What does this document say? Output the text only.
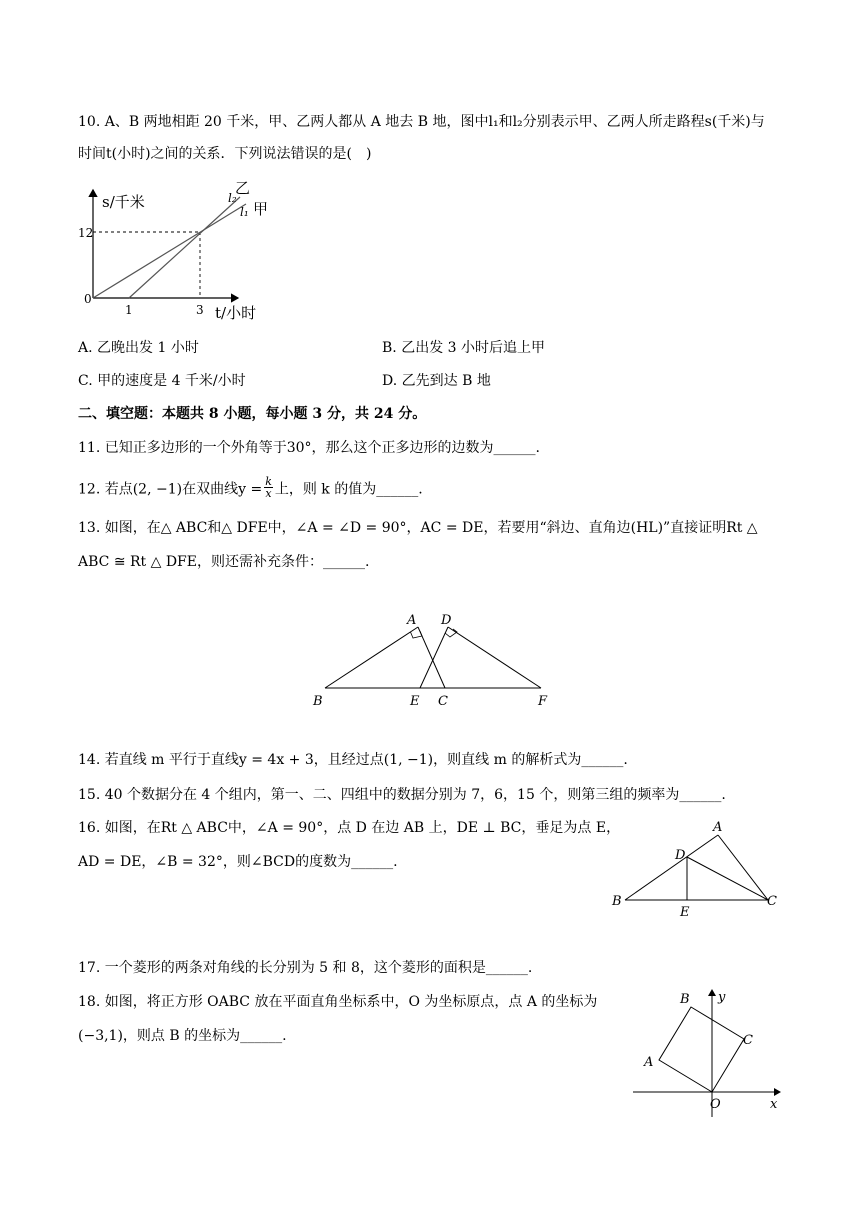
10. A、B 两地相距 20 千米，甲、乙两人都从 A 地去 B 地，图中l₁和l₂分别表示甲、乙两人所走路程s(千米)与
时间t(小时)之间的关系．下列说法错误的是(　)
s/千米
t/小时
0
12
1	3
l₂
乙
l₁ 甲
A. 乙晚出发 1 小时	B. 乙出发 3 小时后追上甲
C. 甲的速度是 4 千米/小时	D. 乙先到达 B 地
二、填空题：本题共 8 小题，每小题 3 分，共 24 分。
11. 已知正多边形的一个外角等于30°，那么这个正多边形的边数为______.
12. 若点(2, −1)在双曲线$y = \frac{k}{x}$ 上，则 k 的值为______.
13. 如图，在△ ABC和△ DFE中，∠A = ∠D = 90°，AC = DE，若要用“斜边、直角边(HL)”直接证明Rt △
ABC ≅ Rt △ DFE，则还需补充条件：______.
A D
B	E C	F
14. 若直线 m 平行于直线y = 4x + 3，且经过点(1, −1)，则直线 m 的解析式为______.
15. 40 个数据分在 4 个组内，第一、二、四组中的数据分别为 7，6，15 个，则第三组的频率为______.
16. 如图，在Rt △ ABC中，∠A = 90°，点 D 在边 AB 上，DE ⊥ BC，垂足为点 E，
AD = DE，∠B = 32°，则∠BCD的度数为______.
A
D
B
E
C
17. 一个菱形的两条对角线的长分别为 5 和 8，这个菱形的面积是______.
18. 如图，将正方形 OABC 放在平面直角坐标系中，O 为坐标原点，点 A 的坐标为
(−3,1)，则点 B 的坐标为______.
B y
C
A
O	x
